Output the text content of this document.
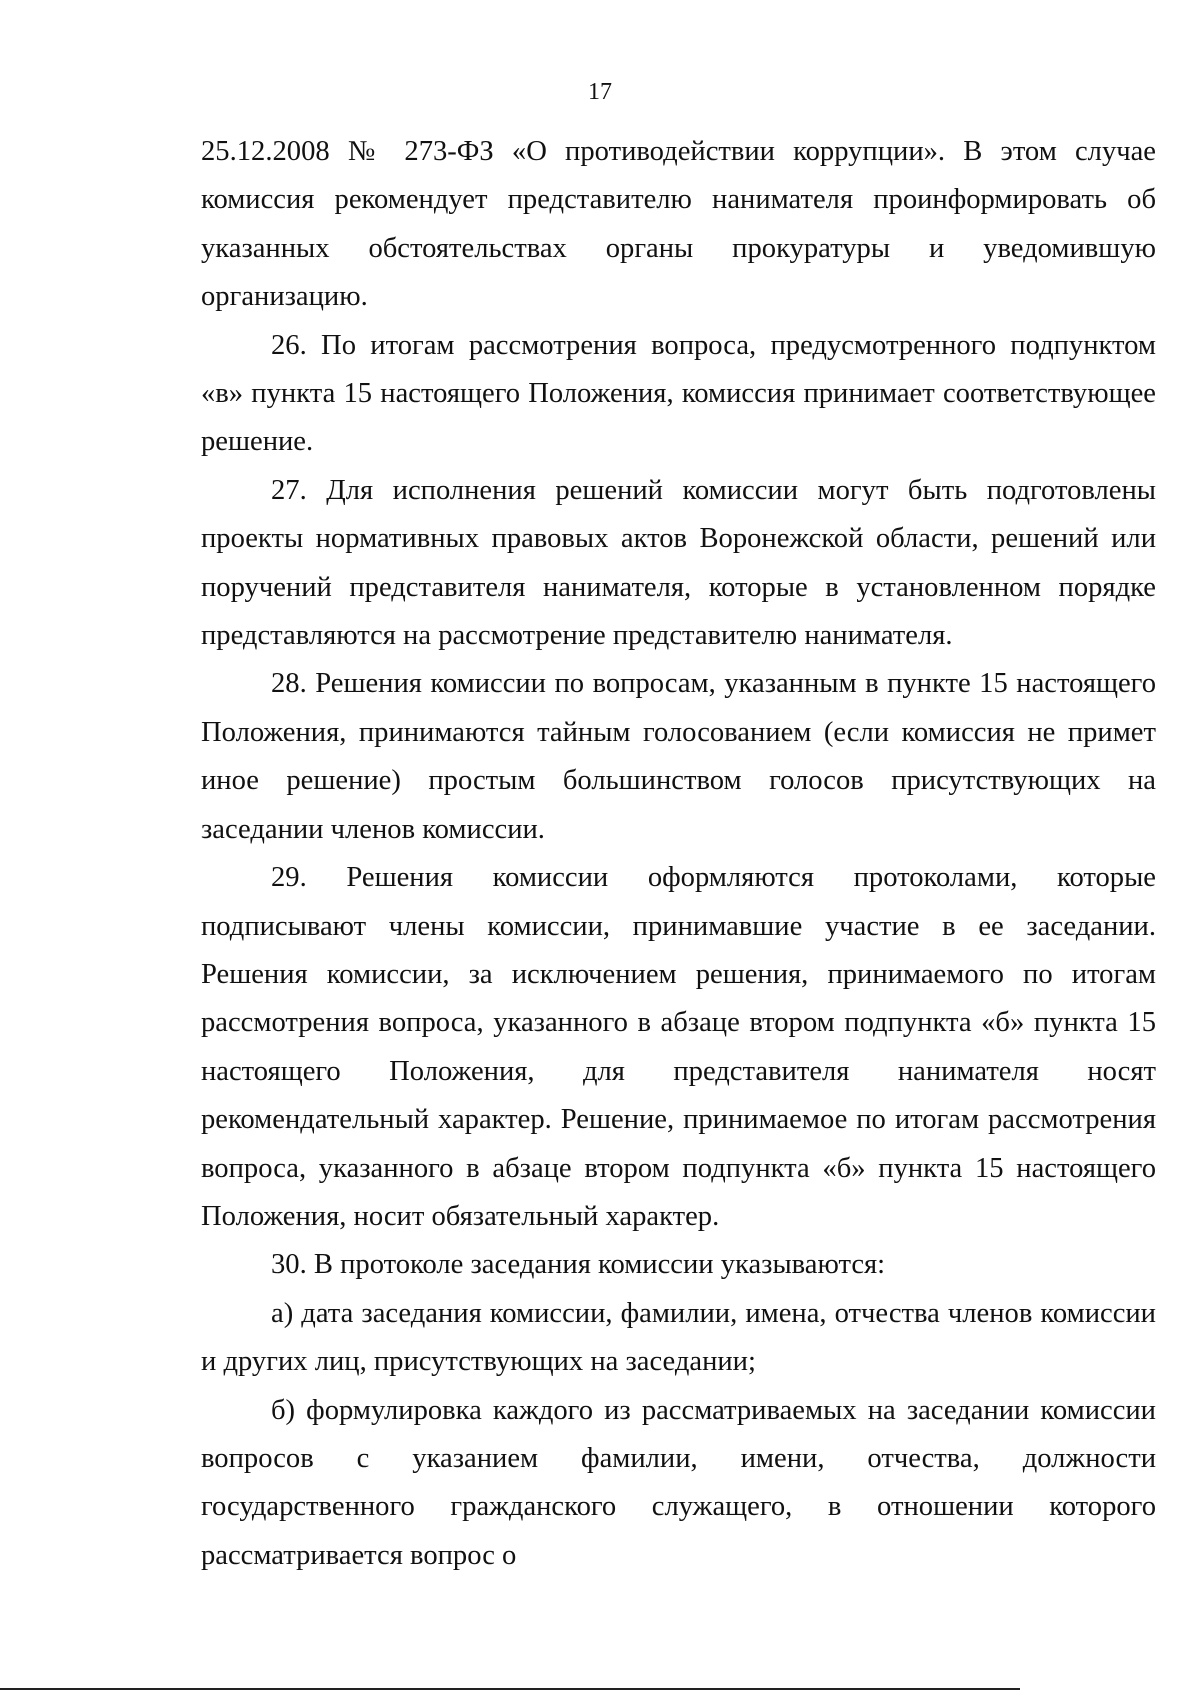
17

25.12.2008 № 273-ФЗ «О противодействии коррупции». В этом случае комиссия рекомендует представителю нанимателя проинформировать об указанных обстоятельствах органы прокуратуры и уведомившую организацию.

26. По итогам рассмотрения вопроса, предусмотренного подпунктом «в» пункта 15 настоящего Положения, комиссия принимает соответствующее решение.

27. Для исполнения решений комиссии могут быть подготовлены проекты нормативных правовых актов Воронежской области, решений или поручений представителя нанимателя, которые в установленном порядке представляются на рассмотрение представителю нанимателя.

28. Решения комиссии по вопросам, указанным в пункте 15 настоящего Положения, принимаются тайным голосованием (если комиссия не примет иное решение) простым большинством голосов присутствующих на заседании членов комиссии.

29. Решения комиссии оформляются протоколами, которые подписывают члены комиссии, принимавшие участие в ее заседании. Решения комиссии, за исключением решения, принимаемого по итогам рассмотрения вопроса, указанного в абзаце втором подпункта «б» пункта 15 настоящего Положения, для представителя нанимателя носят рекомендательный характер. Решение, принимаемое по итогам рассмотрения вопроса, указанного в абзаце втором подпункта «б» пункта 15 настоящего Положения, носит обязательный характер.

30. В протоколе заседания комиссии указываются:

а) дата заседания комиссии, фамилии, имена, отчества членов комиссии и других лиц, присутствующих на заседании;

б) формулировка каждого из рассматриваемых на заседании комиссии вопросов с указанием фамилии, имени, отчества, должности государственного гражданского служащего, в отношении которого рассматривается вопрос о
